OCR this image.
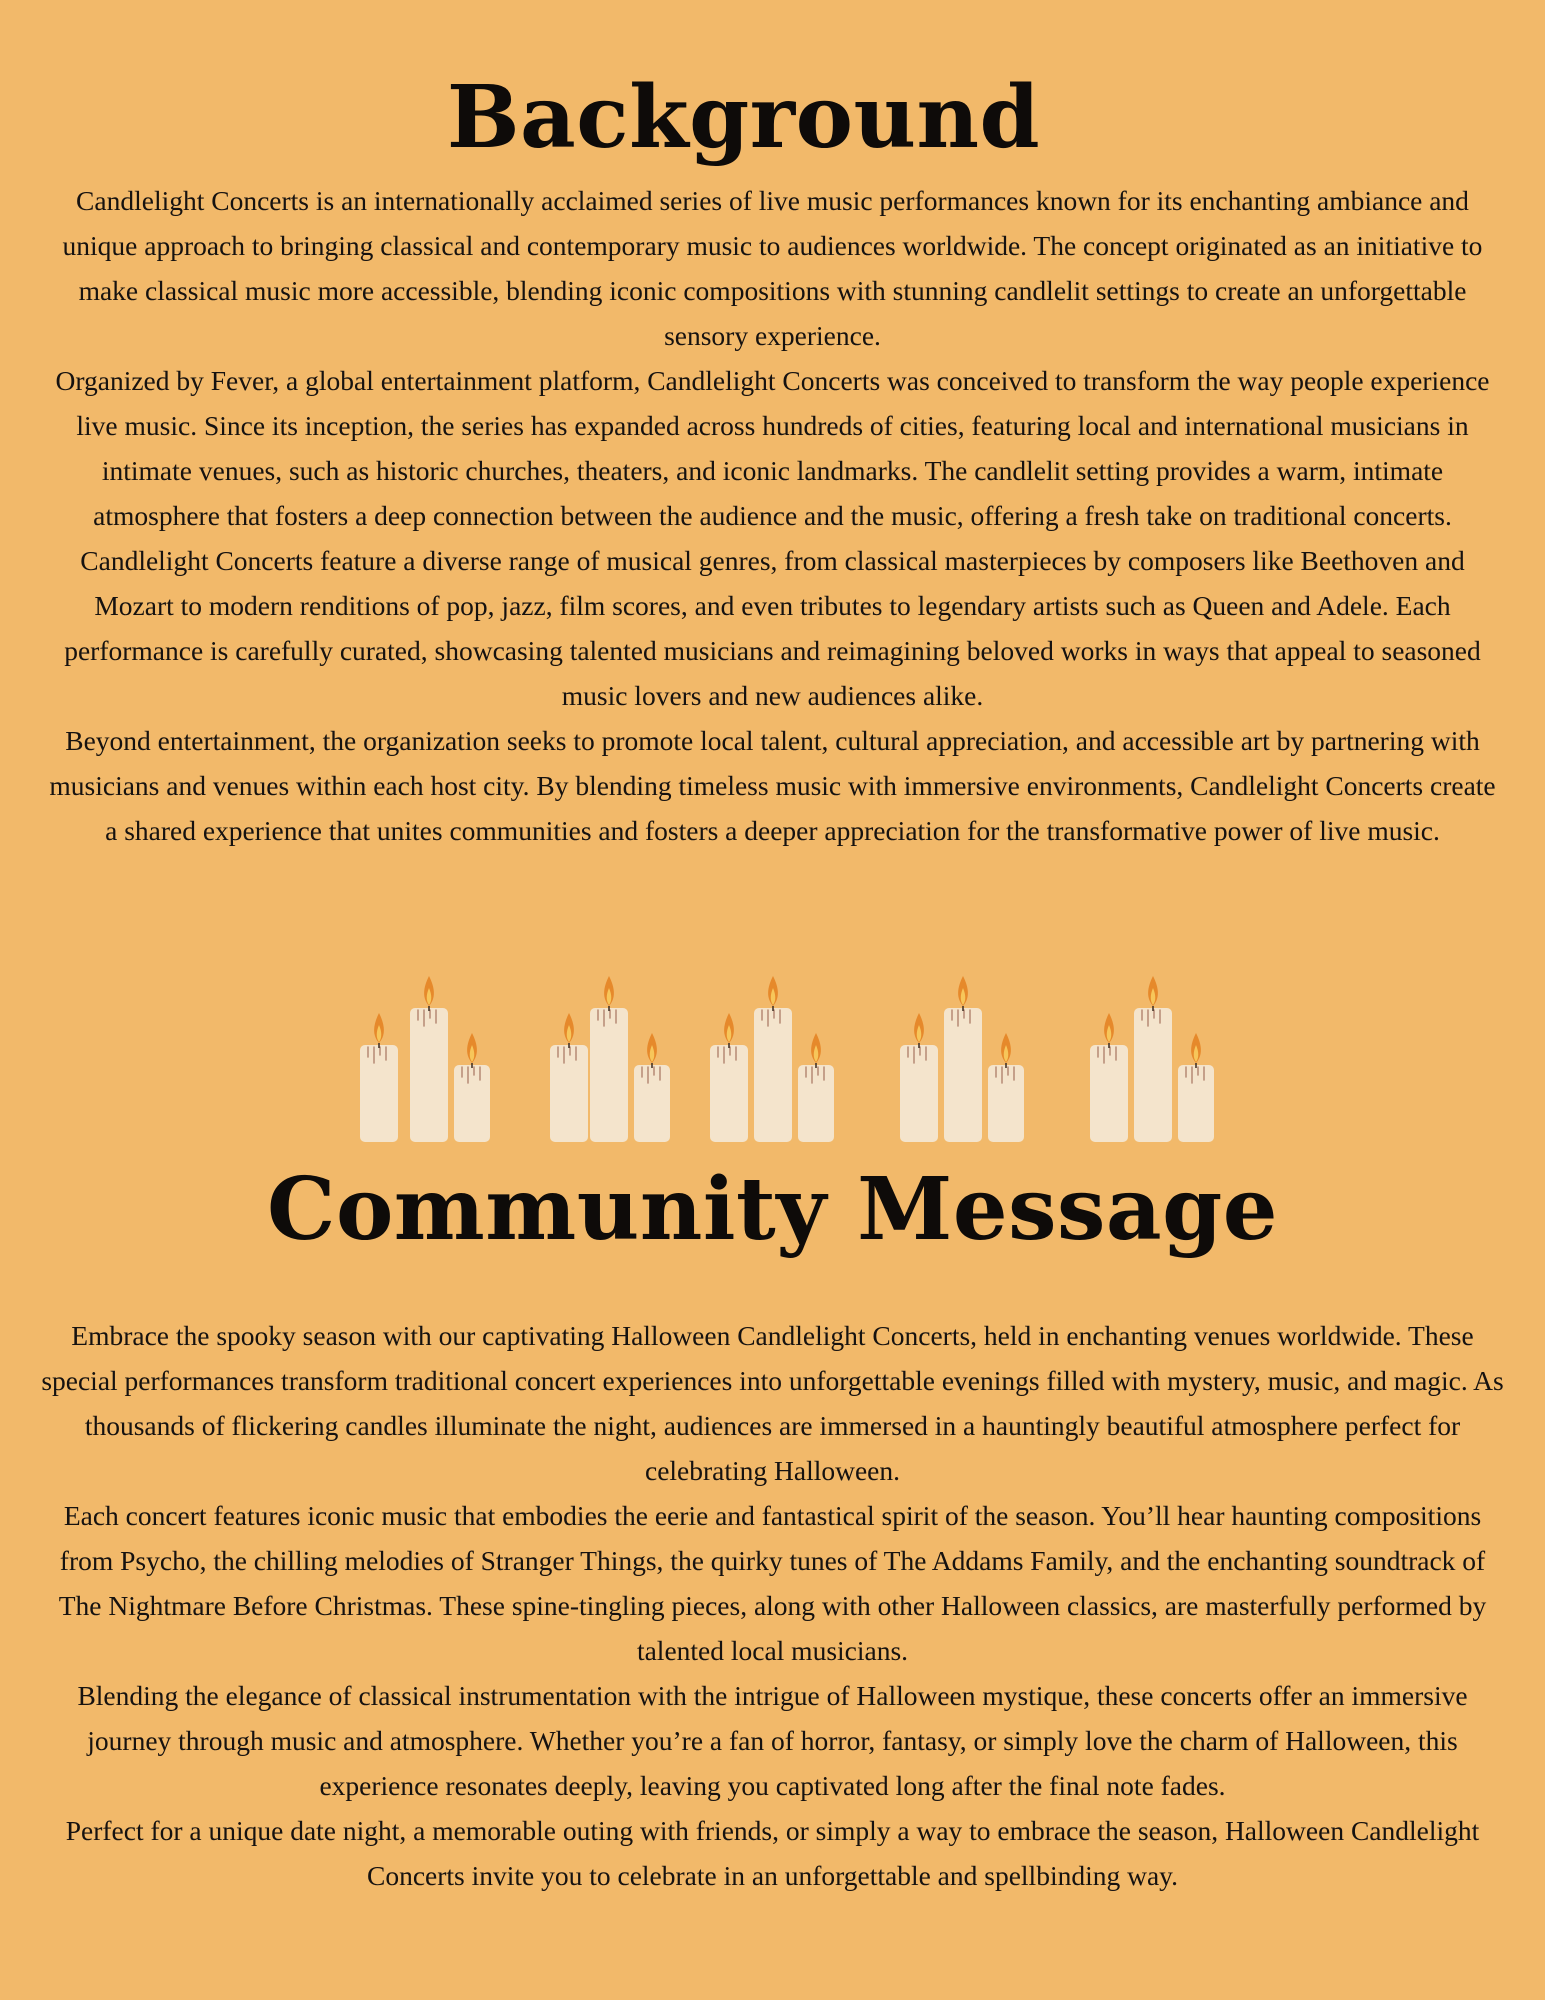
Background

Candlelight Concerts is an internationally acclaimed series of live music performances known for its enchanting ambiance and unique approach to bringing classical and contemporary music to audiences worldwide. The concept originated as an initiative to make classical music more accessible, blending iconic compositions with stunning candlelit settings to create an unforgettable sensory experience.

Organized by Fever, a global entertainment platform, Candlelight Concerts was conceived to transform the way people experience live music. Since its inception, the series has expanded across hundreds of cities, featuring local and international musicians in intimate venues, such as historic churches, theaters, and iconic landmarks. The candlelit setting provides a warm, intimate atmosphere that fosters a deep connection between the audience and the music, offering a fresh take on traditional concerts.

Candlelight Concerts feature a diverse range of musical genres, from classical masterpieces by composers like Beethoven and Mozart to modern renditions of pop, jazz, film scores, and even tributes to legendary artists such as Queen and Adele. Each performance is carefully curated, showcasing talented musicians and reimagining beloved works in ways that appeal to seasoned music lovers and new audiences alike.

Beyond entertainment, the organization seeks to promote local talent, cultural appreciation, and accessible art by partnering with musicians and venues within each host city. By blending timeless music with immersive environments, Candlelight Concerts create a shared experience that unites communities and fosters a deeper appreciation for the transformative power of live music.

Community Message

Embrace the spooky season with our captivating Halloween Candlelight Concerts, held in enchanting venues worldwide. These special performances transform traditional concert experiences into unforgettable evenings filled with mystery, music, and magic. As thousands of flickering candles illuminate the night, audiences are immersed in a hauntingly beautiful atmosphere perfect for celebrating Halloween.

Each concert features iconic music that embodies the eerie and fantastical spirit of the season. You’ll hear haunting compositions from Psycho, the chilling melodies of Stranger Things, the quirky tunes of The Addams Family, and the enchanting soundtrack of The Nightmare Before Christmas. These spine-tingling pieces, along with other Halloween classics, are masterfully performed by talented local musicians.

Blending the elegance of classical instrumentation with the intrigue of Halloween mystique, these concerts offer an immersive journey through music and atmosphere. Whether you’re a fan of horror, fantasy, or simply love the charm of Halloween, this experience resonates deeply, leaving you captivated long after the final note fades.

Perfect for a unique date night, a memorable outing with friends, or simply a way to embrace the season, Halloween Candlelight Concerts invite you to celebrate in an unforgettable and spellbinding way.
